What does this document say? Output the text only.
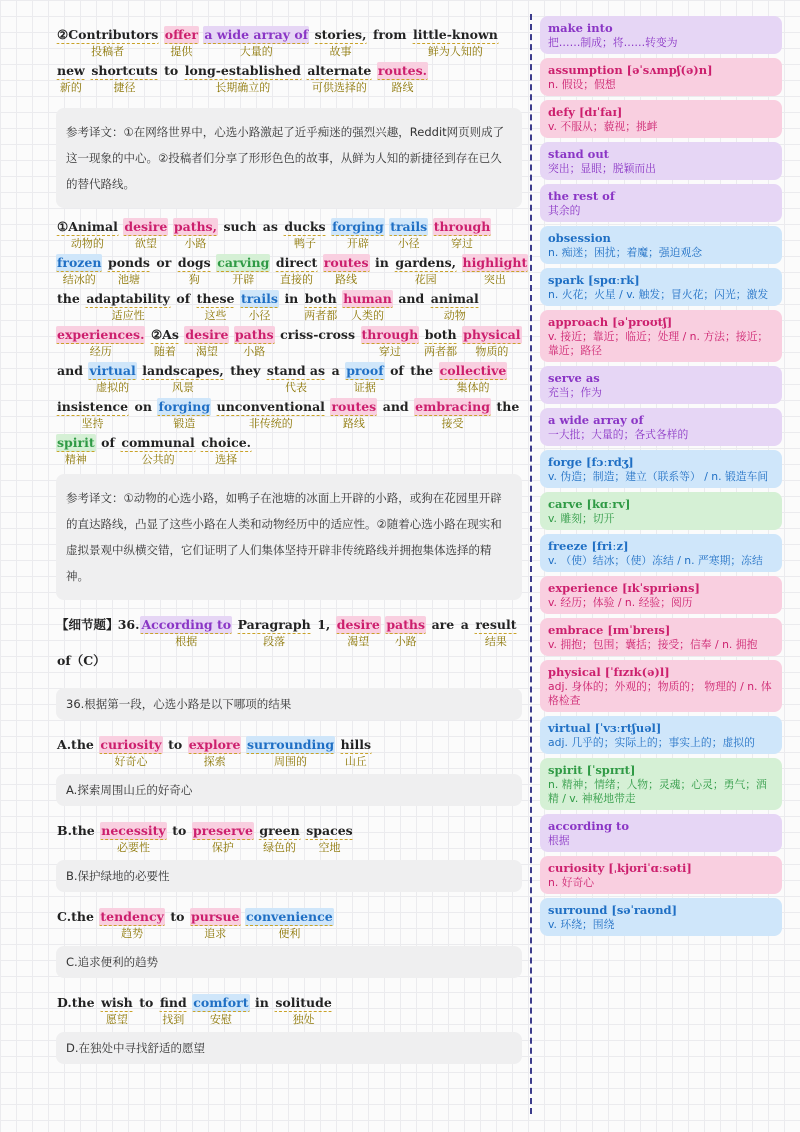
②Contributors
投稿者
offer
提供
a wide array of
大量的
stories,
故事
from little-known
鲜为人知的
new
新的
shortcuts
捷径
to long-established
长期确立的
alternate
可供选择的
routes.
路线
参考译文：①在网络世界中，心选小路激起了近乎痴迷的强烈兴趣，Reddit网页则成了这一现象的中心。②投稿者们分享了形形色色的故事，从鲜为人知的新捷径到存在已久的替代路线。
①Animal
动物的
desire
欲望
paths,
小路
such as ducks
鸭子
forging
开辟
trails
小径
through
穿过
frozen
结冰的
ponds
池塘
or dogs
狗
carving
开辟
direct
直接的
routes
路线
in gardens,
花园
highlight
突出
the adaptability
适应性
of these
这些
trails
小径
in both
两者都
human
人类的
and animal
动物
experiences.
经历
②As
随着
desire
渴望
paths
小路
criss-cross through
穿过
both
两者都
physical
物质的
and virtual
虚拟的
landscapes,
风景
they stand as
代表
a proof
证据
of the collective
集体的
insistence
坚持
on forging
锻造
unconventional
非传统的
routes
路线
and embracing
接受
the
spirit
精神
of communal
公共的
choice.
选择
参考译文：①动物的心选小路，如鸭子在池塘的冰面上开辟的小路，或狗在花园里开辟的直达路线，凸显了这些小路在人类和动物经历中的适应性。②随着心选小路在现实和虚拟景观中纵横交错，它们证明了人们集体坚持开辟非传统路线并拥抱集体选择的精神。
【细节题】 36. According to
根据
Paragraph
段落
1, desire
渴望
paths
小路
are a result
结果
of（C）
36.根据第一段，心选小路是以下哪项的结果
A.the curiosity
好奇心
to explore
探索
surrounding
周围的
hills
山丘
A.探索周围山丘的好奇心
B.the necessity
必要性
to preserve
保护
green
绿色的
spaces
空地
B.保护绿地的必要性
C.the tendency
趋势
to pursue
追求
convenience
便利
C.追求便利的趋势
D.the wish
愿望
to find
找到
comfort
安慰
in solitude
独处
D.在独处中寻找舒适的愿望
make into
把……制成；将……转变为
assumption [əˈsʌmpʃ(ə)n]
n. 假设；假想
defy [dɪˈfaɪ]
v. 不服从；藐视；挑衅
stand out
突出；显眼；脱颖而出
the rest of
其余的
obsession
n. 痴迷；困扰；着魔；强迫观念
spark [spɑːrk]
n. 火花；火星 / v. 触发；冒火花；闪光；激发
approach [əˈproʊtʃ]
v. 接近；靠近；临近；处理 / n. 方法；接近；靠近；路径
serve as
充当；作为
a wide array of
一大批；大量的；各式各样的
forge [fɔːrdʒ]
v. 伪造；制造；建立（联系等） / n. 锻造车间
carve [kɑːrv]
v. 雕刻；切开
freeze [friːz]
v. （使）结冰；（使）冻结 / n. 严寒期；冻结
experience [ɪkˈspɪriəns]
v. 经历；体验 / n. 经验；阅历
embrace [ɪmˈbreɪs]
v. 拥抱；包围；囊括；接受；信奉 / n. 拥抱
physical [ˈfɪzɪk(ə)l]
adj. 身体的；外观的；物质的； 物理的 / n. 体格检查
virtual [ˈvɜːrtʃuəl]
adj. 几乎的；实际上的；事实上的；虚拟的
spirit [ˈspɪrɪt]
n. 精神；情绪；人物；灵魂；心灵；勇气；酒精 / v. 神秘地带走
according to
根据
curiosity [ˌkjʊriˈɑːsəti]
n. 好奇心
surround [səˈraʊnd]
v. 环绕；围绕
